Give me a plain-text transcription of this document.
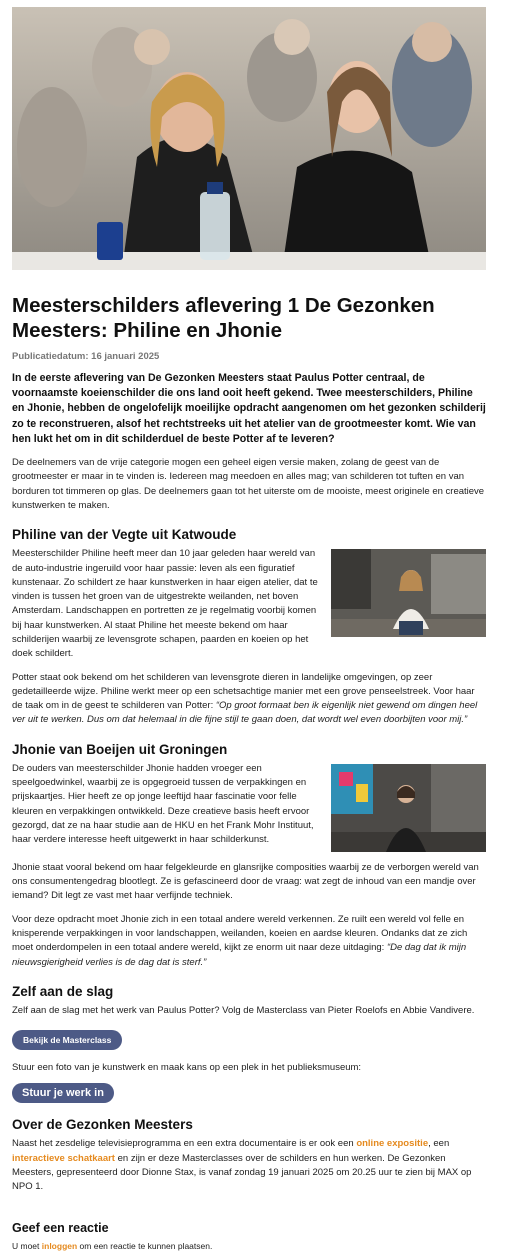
Meesterschilders aflevering 1 De Gezonken Meesters: Philine en Jhonie
Publicatiedatum: 16 januari 2025

In de eerste aflevering van De Gezonken Meesters staat Paulus Potter centraal, de voornaamste koeienschilder die ons land ooit heeft gekend. Twee meesterschilders, Philine en Jhonie, hebben de ongelofelijk moeilijke opdracht aangenomen om het gezonken schilderij zo te reconstrueren, alsof het rechtstreeks uit het atelier van de grootmeester komt. Wie van hen lukt het om in dit schilderduel de beste Potter af te leveren?

De deelnemers van de vrije categorie mogen een geheel eigen versie maken, zolang de geest van de grootmeester er maar in te vinden is. Iedereen mag meedoen en alles mag; van schilderen tot tuften en van borduren tot timmeren op glas. De deelnemers gaan tot het uiterste om de mooiste, meest originele en creatieve kunstwerken te maken.

Philine van der Vegte uit Katwoude
Meesterschilder Philine heeft meer dan 10 jaar geleden haar wereld van de auto-industrie ingeruild voor haar passie: leven als een figuratief kunstenaar. Zo schildert ze haar kunstwerken in haar eigen atelier, dat te vinden is tussen het groen van de uitgestrekte weilanden, net boven Amsterdam. Landschappen en portretten ze je regelmatig voorbij komen bij haar kunstwerken. Al staat Philine het meeste bekend om haar schilderijen waarbij ze levensgrote schapen, paarden en koeien op het doek schildert.

Potter staat ook bekend om het schilderen van levensgrote dieren in landelijke omgevingen, op zeer gedetailleerde wijze. Philine werkt meer op een schetsachtige manier met een grove penseelstreek. Voor haar de taak om in de geest te schilderen van Potter: “Op groot formaat ben ik eigenlijk niet gewend om dingen heel ver uit te werken. Dus om dat helemaal in die fijne stijl te gaan doen, dat wordt wel even doorbijten voor mij.”

Jhonie van Boeijen uit Groningen
De ouders van meesterschilder Jhonie hadden vroeger een speelgoedwinkel, waarbij ze is opgegroeid tussen de verpakkingen en prijskaartjes. Hier heeft ze op jonge leeftijd haar fascinatie voor felle kleuren en verpakkingen ontwikkeld. Deze creatieve basis heeft ervoor gezorgd, dat ze na haar studie aan de HKU en het Frank Mohr Instituut, haar verdere interesse heeft uitgewerkt in haar schilderkunst.

Jhonie staat vooral bekend om haar felgekleurde en glansrijke composities waarbij ze de verborgen wereld van ons consumentengedrag blootlegt. Ze is gefascineerd door de vraag: wat zegt de inhoud van een mandje over iemand? Dit legt ze vast met haar verfijnde techniek.

Voor deze opdracht moet Jhonie zich in een totaal andere wereld verkennen. Ze ruilt een wereld vol felle en knisperende verpakkingen in voor landschappen, weilanden, koeien en aardse kleuren. Ondanks dat ze zich moet onderdompelen in een totaal andere wereld, kijkt ze enorm uit naar deze uitdaging: “De dag dat ik mijn nieuwsgierigheid verlies is de dag dat is sterf.”

Zelf aan de slag

Zelf aan de slag met het werk van Paulus Potter? Volg de Masterclass van Pieter Roelofs en Abbie Vandivere.

Bekijk de Masterclass

Stuur een foto van je kunstwerk en maak kans op een plek in het publieksmuseum:

Stuur je werk in
Over de Gezonken Meesters

Naast het zesdelige televisieprogramma en een extra documentaire is er ook een online expositie, een interactieve schatkaart en zijn er deze Masterclasses over de schilders en hun werken. De Gezonken Meesters, gepresenteerd door Dionne Stax, is vanaf zondag 19 januari 2025 om 20.25 uur te zien bij MAX op NPO 1.

Geef een reactie

U moet inloggen om een reactie te kunnen plaatsen.
